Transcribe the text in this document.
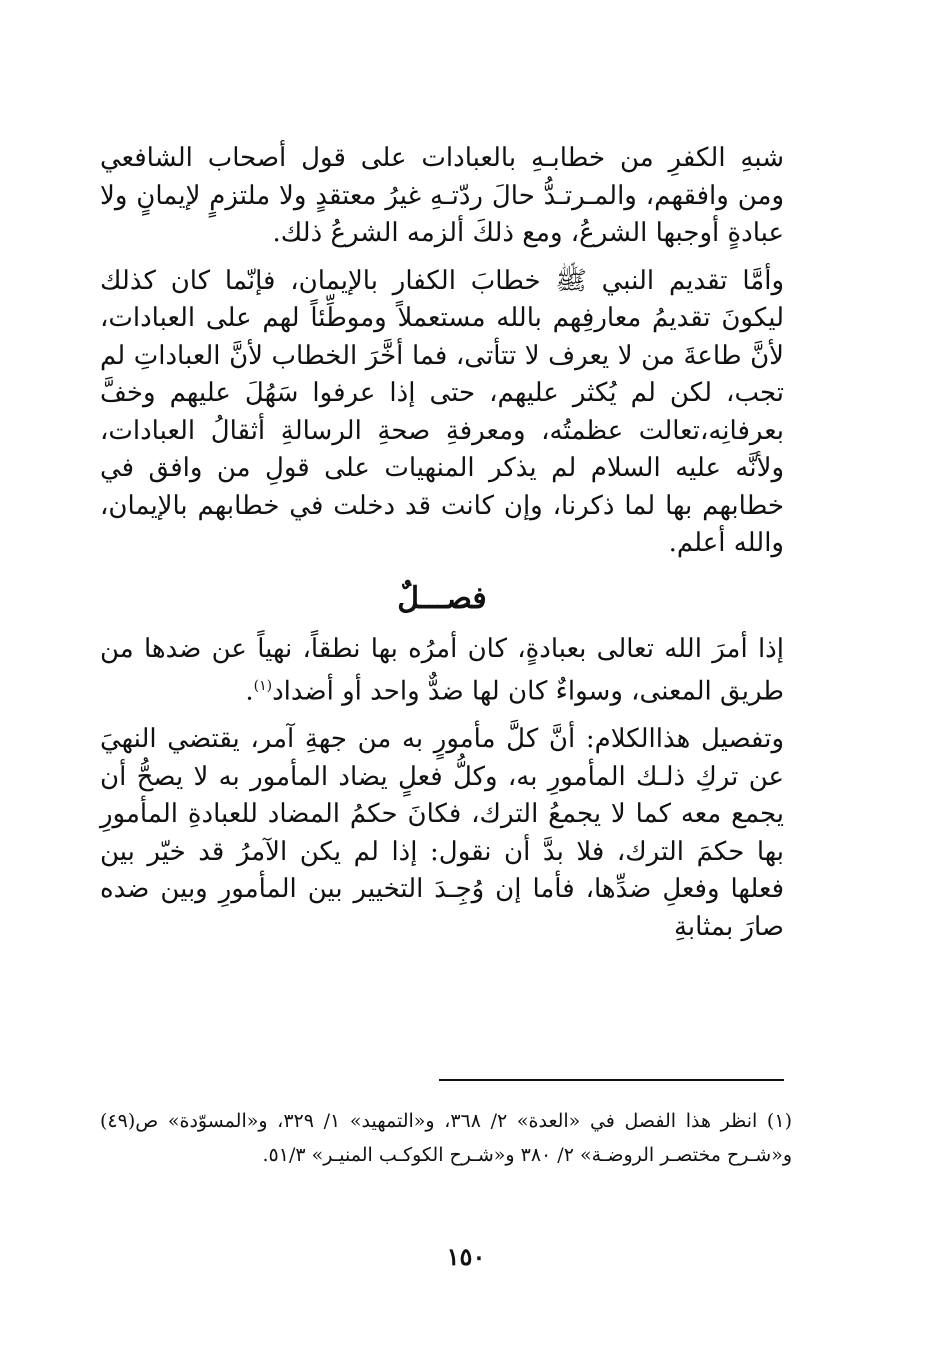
شبهِ الكفرِ من خطابـهِ بالعبادات على قول أصحاب الشافعي ومن وافقهم، والمـرتـدُّ حالَ ردّتـهِ غيرُ معتقدٍ ولا ملتزمٍ لإيمانٍ ولا عبادةٍ أوجبها الشرعُ، ومع ذلكَ ألزمه الشرعُ ذلك.

وأمَّا تقديم النبي ﷺ خطابَ الكفار بالإيمان، فإنّما كان كذلك ليكونَ تقديمُ معارفِهم بالله مستعملاً وموطِّئاً لهم على العبادات، لأنَّ طاعةَ من لا يعرف لا تتأتى، فما أخَّرَ الخطاب لأنَّ العباداتِ لم تجب، لكن لم يُكثر عليهم، حتى إذا عرفوا سَهُلَ عليهم وخفَّ بعرفانِه،تعالت عظمتُه، ومعرفةِ صحةِ الرسالةِ أثقالُ العبادات، ولأنَّه عليه السلام لم يذكر المنهيات على قولِ من وافق في خطابهم بها لما ذكرنا، وإن كانت قد دخلت في خطابهم بالإيمان، والله أعلم.

فصـــلٌ

إذا أمرَ الله تعالى بعبادةٍ، كان أمرُه بها نطقاً، نهياً عن ضدها من طريق المعنى، وسواءٌ كان لها ضدٌّ واحد أو أضداد$^{(١)}$.

وتفصيل هذاالكلام: أنَّ كلَّ مأمورٍ به من جهةِ آمر، يقتضي النهيَ عن تركِ ذلـك المأمورِ به، وكلُّ فعلٍ يضاد المأمور به لا يصحُّ أن يجمع معه كما لا يجمعُ الترك، فكانَ حكمُ المضاد للعبادةِ المأمورِ بها حكمَ الترك، فلا بدَّ أن نقول: إذا لم يكن الآمرُ قد خيّر بين فعلها وفعلِ ضدِّها، فأما إن وُجِـدَ التخيير بين المأمورِ وبين ضده صارَ بمثابةِ

(١) انظر هذا الفصل في «العدة» ٢/ ٣٦٨، و«التمهيد» ١/ ٣٢٩، و«المسوّدة» ص(٤٩) و«شـرح مختصـر الروضـة» ٢/ ٣٨٠ و«شـرح الكوكـب المنيـر» ٥١/٣.

١٥٠
